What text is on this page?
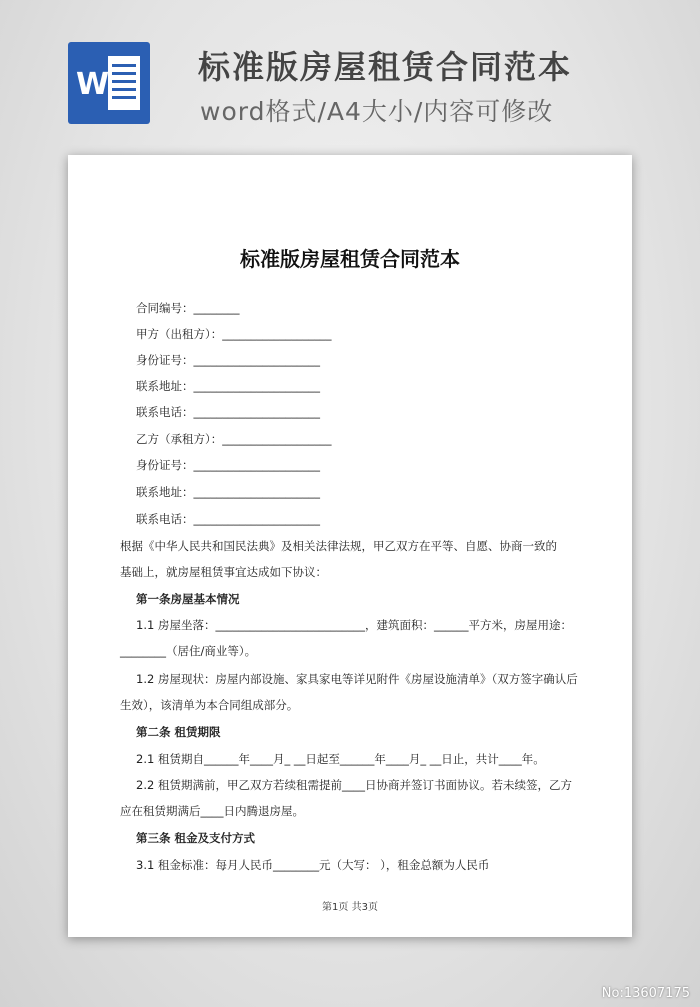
W	标准版房屋租赁合同范本
word格式/A4大小/内容可修改
标准版房屋租赁合同范本
合同编号：________
甲方（出租方）：___________________
身份证号：______________________
联系地址：______________________
联系电话：______________________
乙方（承租方）：___________________
身份证号：______________________
联系地址：______________________
联系电话：______________________
根据《中华人民共和国民法典》及相关法律法规，甲乙双方在平等、自愿、协商一致的
基础上，就房屋租赁事宜达成如下协议：
第一条房屋基本情况
1.1 房屋坐落：__________________________，建筑面积：______平方米，房屋用途：
________（居住/商业等）。
1.2 房屋现状：房屋内部设施、家具家电等详见附件《房屋设施清单》（双方签字确认后
生效），该清单为本合同组成部分。
第二条 租赁期限
2.1 租赁期自______年____月_ __日起至______年____月_ __日止，共计____年。
2.2 租赁期满前，甲乙双方若续租需提前____日协商并签订书面协议。若未续签，乙方
应在租赁期满后____日内腾退房屋。
第三条 租金及支付方式
3.1 租金标准：每月人民币________元（大写： ），租金总额为人民币
第1页 共3页
No:13607175
